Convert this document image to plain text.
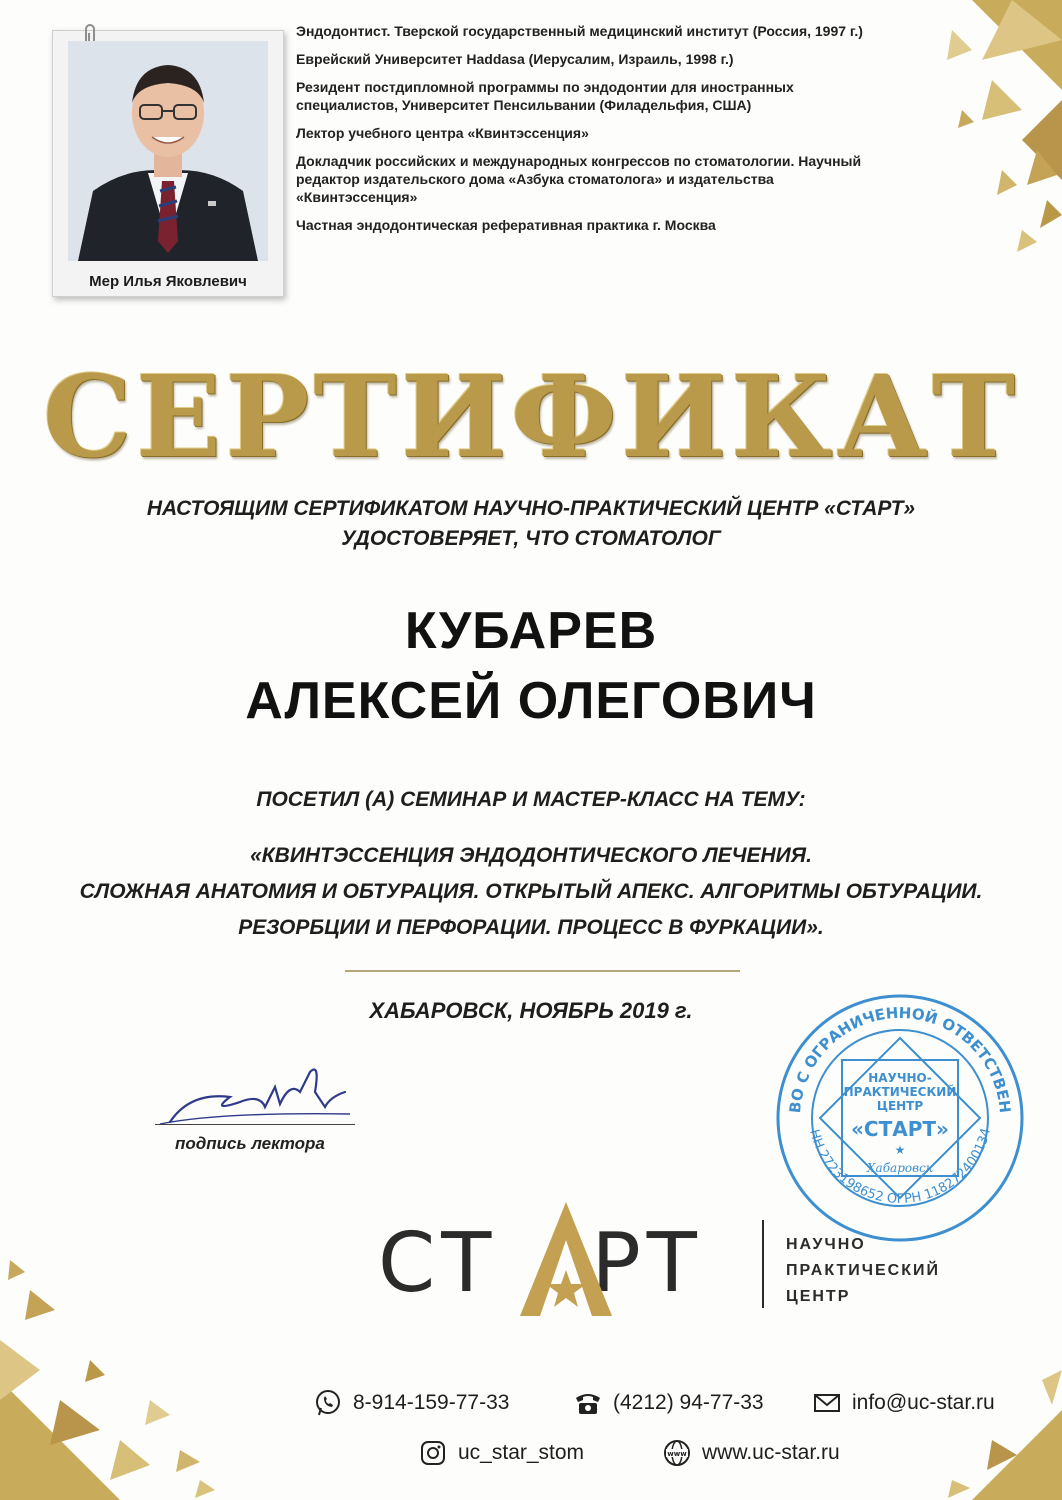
Мер Илья Яковлевич

Эндодонтист. Тверской государственный медицинский институт (Россия, 1997 г.)

Еврейский Университет Haddasa (Иерусалим, Израиль, 1998 г.)

Резидент постдипломной программы по эндодонтии для иностранных специалистов, Университет Пенсильвании (Филадельфия, США)

Лектор учебного центра «Квинтэссенция»

Докладчик российских и международных конгрессов по стоматологии. Научный редактор издательского дома «Азбука стоматолога» и издательства «Квинтэссенция»

Частная эндодонтическая реферативная практика г. Москва

СЕРТИФИКАТ
НАСТОЯЩИМ СЕРТИФИКАТОМ НАУЧНО-ПРАКТИЧЕСКИЙ ЦЕНТР «СТАРТ»
УДОСТОВЕРЯЕТ, ЧТО СТОМАТОЛОГ
КУБАРЕВ
АЛЕКСЕЙ ОЛЕГОВИЧ
ПОСЕТИЛ (А) СЕМИНАР И МАСТЕР-КЛАСС НА ТЕМУ:
«КВИНТЭССЕНЦИЯ ЭНДОДОНТИЧЕСКОГО ЛЕЧЕНИЯ.
СЛОЖНАЯ АНАТОМИЯ И ОБТУРАЦИЯ. ОТКРЫТЫЙ АПЕКС. АЛГОРИТМЫ ОБТУРАЦИИ.
РЕЗОРБЦИИ И ПЕРФОРАЦИИ. ПРОЦЕСС В ФУРКАЦИИ».
ХАБАРОВСК, НОЯБРЬ 2019 г.
подпись лектора
ВО С ОГРАНИЧЕННОЙ ОТВЕТСТВЕН
НН 2723198652 ОГРН 118272400134
НАУЧНО-
ПРАКТИЧЕСКИЙ
ЦЕНТР
«СТАРТ»
★
Хабаровск
СТ РТ	НАУЧНО
ПРАКТИЧЕСКИЙ
ЦЕНТР
8-914-159-77-33	(4212) 94-77-33	info@uc-star.ru
uc_star_stom	www www.uc-star.ru
